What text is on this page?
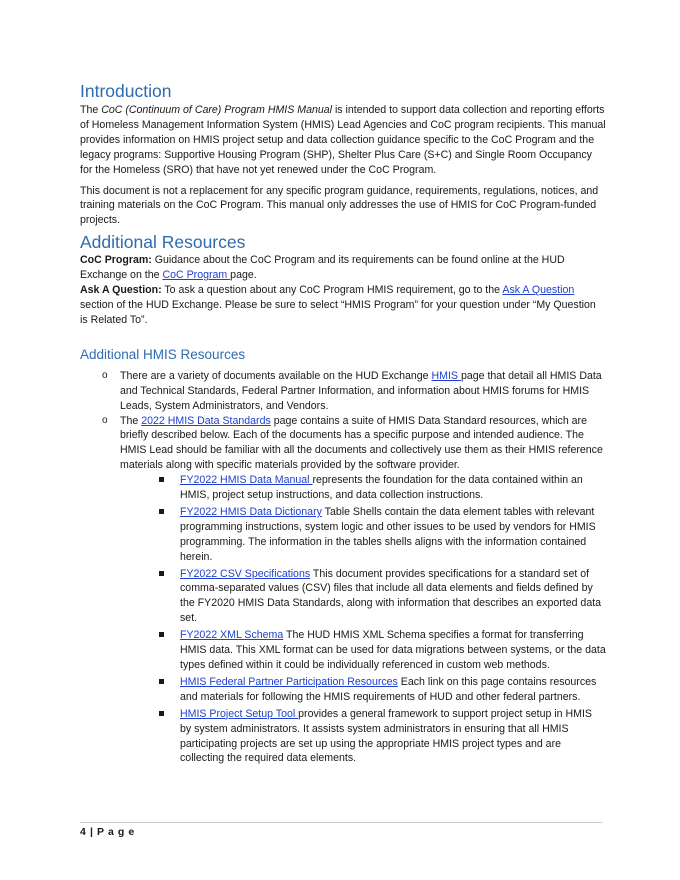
Introduction

The CoC (Continuum of Care) Program HMIS Manual is intended to support data collection and reporting efforts of Homeless Management Information System (HMIS) Lead Agencies and CoC program recipients. This manual provides information on HMIS project setup and data collection guidance specific to the CoC Program and the legacy programs: Supportive Housing Program (SHP), Shelter Plus Care (S+C) and Single Room Occupancy for the Homeless (SRO) that have not yet renewed under the CoC Program.

This document is not a replacement for any specific program guidance, requirements, regulations, notices, and training materials on the CoC Program. This manual only addresses the use of HMIS for CoC Program-funded projects.

Additional Resources

CoC Program: Guidance about the CoC Program and its requirements can be found online at the HUD Exchange on the CoC Program page.

Ask A Question: To ask a question about any CoC Program HMIS requirement, go to the Ask A Question section of the HUD Exchange. Please be sure to select “HMIS Program” for your question under “My Question is Related To”.

Additional HMIS Resources
o There are a variety of documents available on the HUD Exchange HMIS page that detail all HMIS Data and Technical Standards, Federal Partner Information, and information about HMIS forums for HMIS Leads, System Administrators, and Vendors.
o The 2022 HMIS Data Standards page contains a suite of HMIS Data Standard resources, which are briefly described below. Each of the documents has a specific purpose and intended audience. The HMIS Lead should be familiar with all the documents and collectively use them as their HMIS reference materials along with specific materials provided by the software provider.
FY2022 HMIS Data Manual represents the foundation for the data contained within an HMIS, project setup instructions, and data collection instructions.
FY2022 HMIS Data Dictionary Table Shells contain the data element tables with relevant programming instructions, system logic and other issues to be used by vendors for HMIS programming. The information in the tables shells aligns with the information contained herein.
FY2022 CSV Specifications This document provides specifications for a standard set of comma-separated values (CSV) files that include all data elements and fields defined by the FY2020 HMIS Data Standards, along with information that describes an exported data set.
FY2022 XML Schema The HUD HMIS XML Schema specifies a format for transferring HMIS data. This XML format can be used for data migrations between systems, or the data types defined within it could be individually referenced in custom web methods.
HMIS Federal Partner Participation Resources Each link on this page contains resources and materials for following the HMIS requirements of HUD and other federal partners.
HMIS Project Setup Tool provides a general framework to support project setup in HMIS by system administrators. It assists system administrators in ensuring that all HMIS participating projects are set up using the appropriate HMIS project types and are collecting the required data elements.
4 | P a g e
